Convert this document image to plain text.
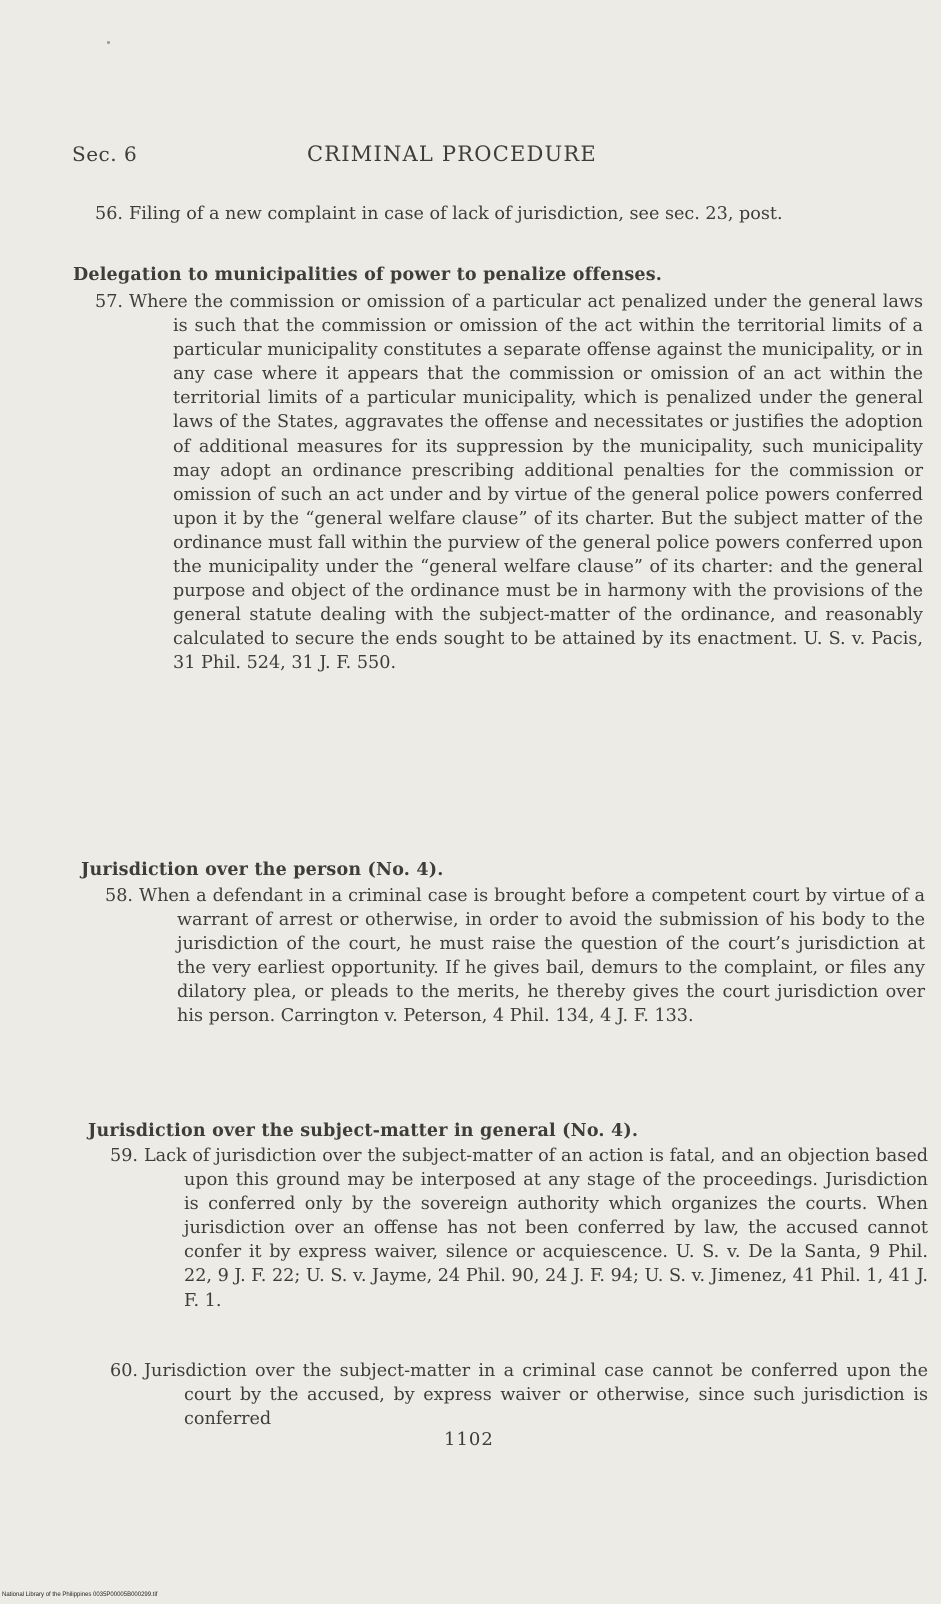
Sec. 6	CRIMINAL PROCEDURE
56. Filing of a new complaint in case of lack of jurisdiction, see sec. 23, post.
Delegation to municipalities of power to penalize offenses.
57. Where the commission or omission of a particular act penalized under the general laws is such that the commission or omission of the act within the territorial limits of a particular municipality constitutes a separate offense against the municipality, or in any case where it appears that the commission or omission of an act within the territorial limits of a particular municipality, which is penalized under the general laws of the States, aggravates the offense and necessitates or justifies the adoption of additional measures for its suppression by the municipality, such municipality may adopt an ordinance prescribing additional penalties for the commission or omission of such an act under and by virtue of the general police powers conferred upon it by the “general welfare clause” of its charter. But the subject matter of the ordinance must fall within the purview of the general police powers conferred upon the municipality under the “general welfare clause” of its charter: and the general purpose and object of the ordinance must be in harmony with the provisions of the general statute dealing with the subject-matter of the ordinance, and reasonably calculated to secure the ends sought to be attained by its enactment. U. S. v. Pacis, 31 Phil. 524, 31 J. F. 550.
Jurisdiction over the person (No. 4).
58. When a defendant in a criminal case is brought before a competent court by virtue of a warrant of arrest or otherwise, in order to avoid the submission of his body to the jurisdiction of the court, he must raise the question of the court’s jurisdiction at the very earliest opportunity. If he gives bail, demurs to the complaint, or files any dilatory plea, or pleads to the merits, he thereby gives the court jurisdiction over his person. Carrington v. Peterson, 4 Phil. 134, 4 J. F. 133.
Jurisdiction over the subject-matter in general (No. 4).
59. Lack of jurisdiction over the subject-matter of an action is fatal, and an objection based upon this ground may be interposed at any stage of the proceedings. Jurisdiction is conferred only by the sovereign authority which organizes the courts. When jurisdiction over an offense has not been conferred by law, the accused cannot confer it by express waiver, silence or acquiescence. U. S. v. De la Santa, 9 Phil. 22, 9 J. F. 22; U. S. v. Jayme, 24 Phil. 90, 24 J. F. 94; U. S. v. Jimenez, 41 Phil. 1, 41 J. F. 1.
60. Jurisdiction over the subject-matter in a criminal case cannot be conferred upon the court by the accused, by express waiver or otherwise, since such jurisdiction is conferred
1102
National Library of the Philippines 0035P00005B000299.tif
